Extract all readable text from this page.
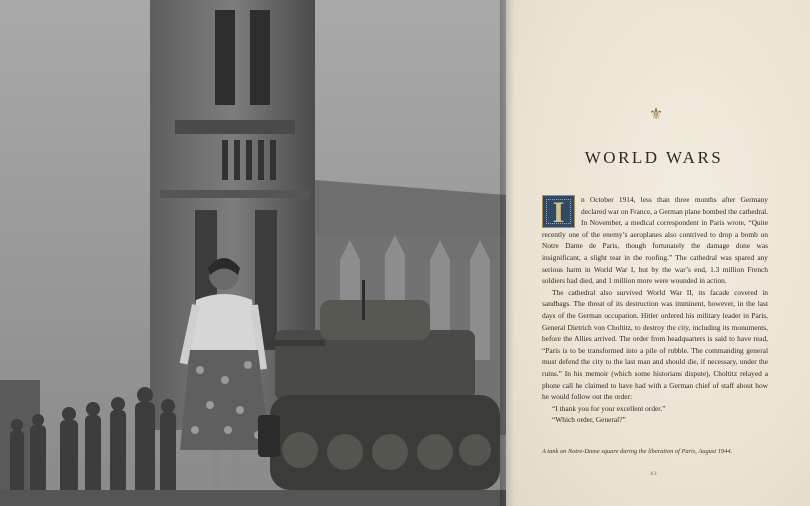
⚜
WORLD WARS

I	n October 1914, less than three months after Germany declared war on France, a German plane bombed the cathedral. In November, a medical correspondent in Paris wrote, “Quite recently one of the enemy’s aeroplanes also contrived to drop a bomb on Notre Dame de Paris, though fortunately the damage done was insignificant, a slight tear in the roofing.” The cathedral was spared any serious harm in World War I, but by the war’s end, 1.3 million French soldiers had died, and 1 million more were wounded in action.

The cathedral also survived World War II, its facade covered in sandbags. The threat of its destruction was imminent, however, in the last days of the German occupation. Hitler ordered his military leader in Paris, General Dietrich von Choltitz, to destroy the city, including its monuments, before the Allies arrived. The order from headquarters is said to have read, “Paris is to be transformed into a pile of rubble. The commanding general must defend the city to the last man and should die, if necessary, under the ruins.” In his memoir (which some historians dispute), Choltitz relayed a phone call he claimed to have had with a German chief of staff about how he would follow out the order:

“I thank you for your excellent order.”

“Which order, General?”

A tank on Notre-Dame square during the liberation of Paris, August 1944.
83
